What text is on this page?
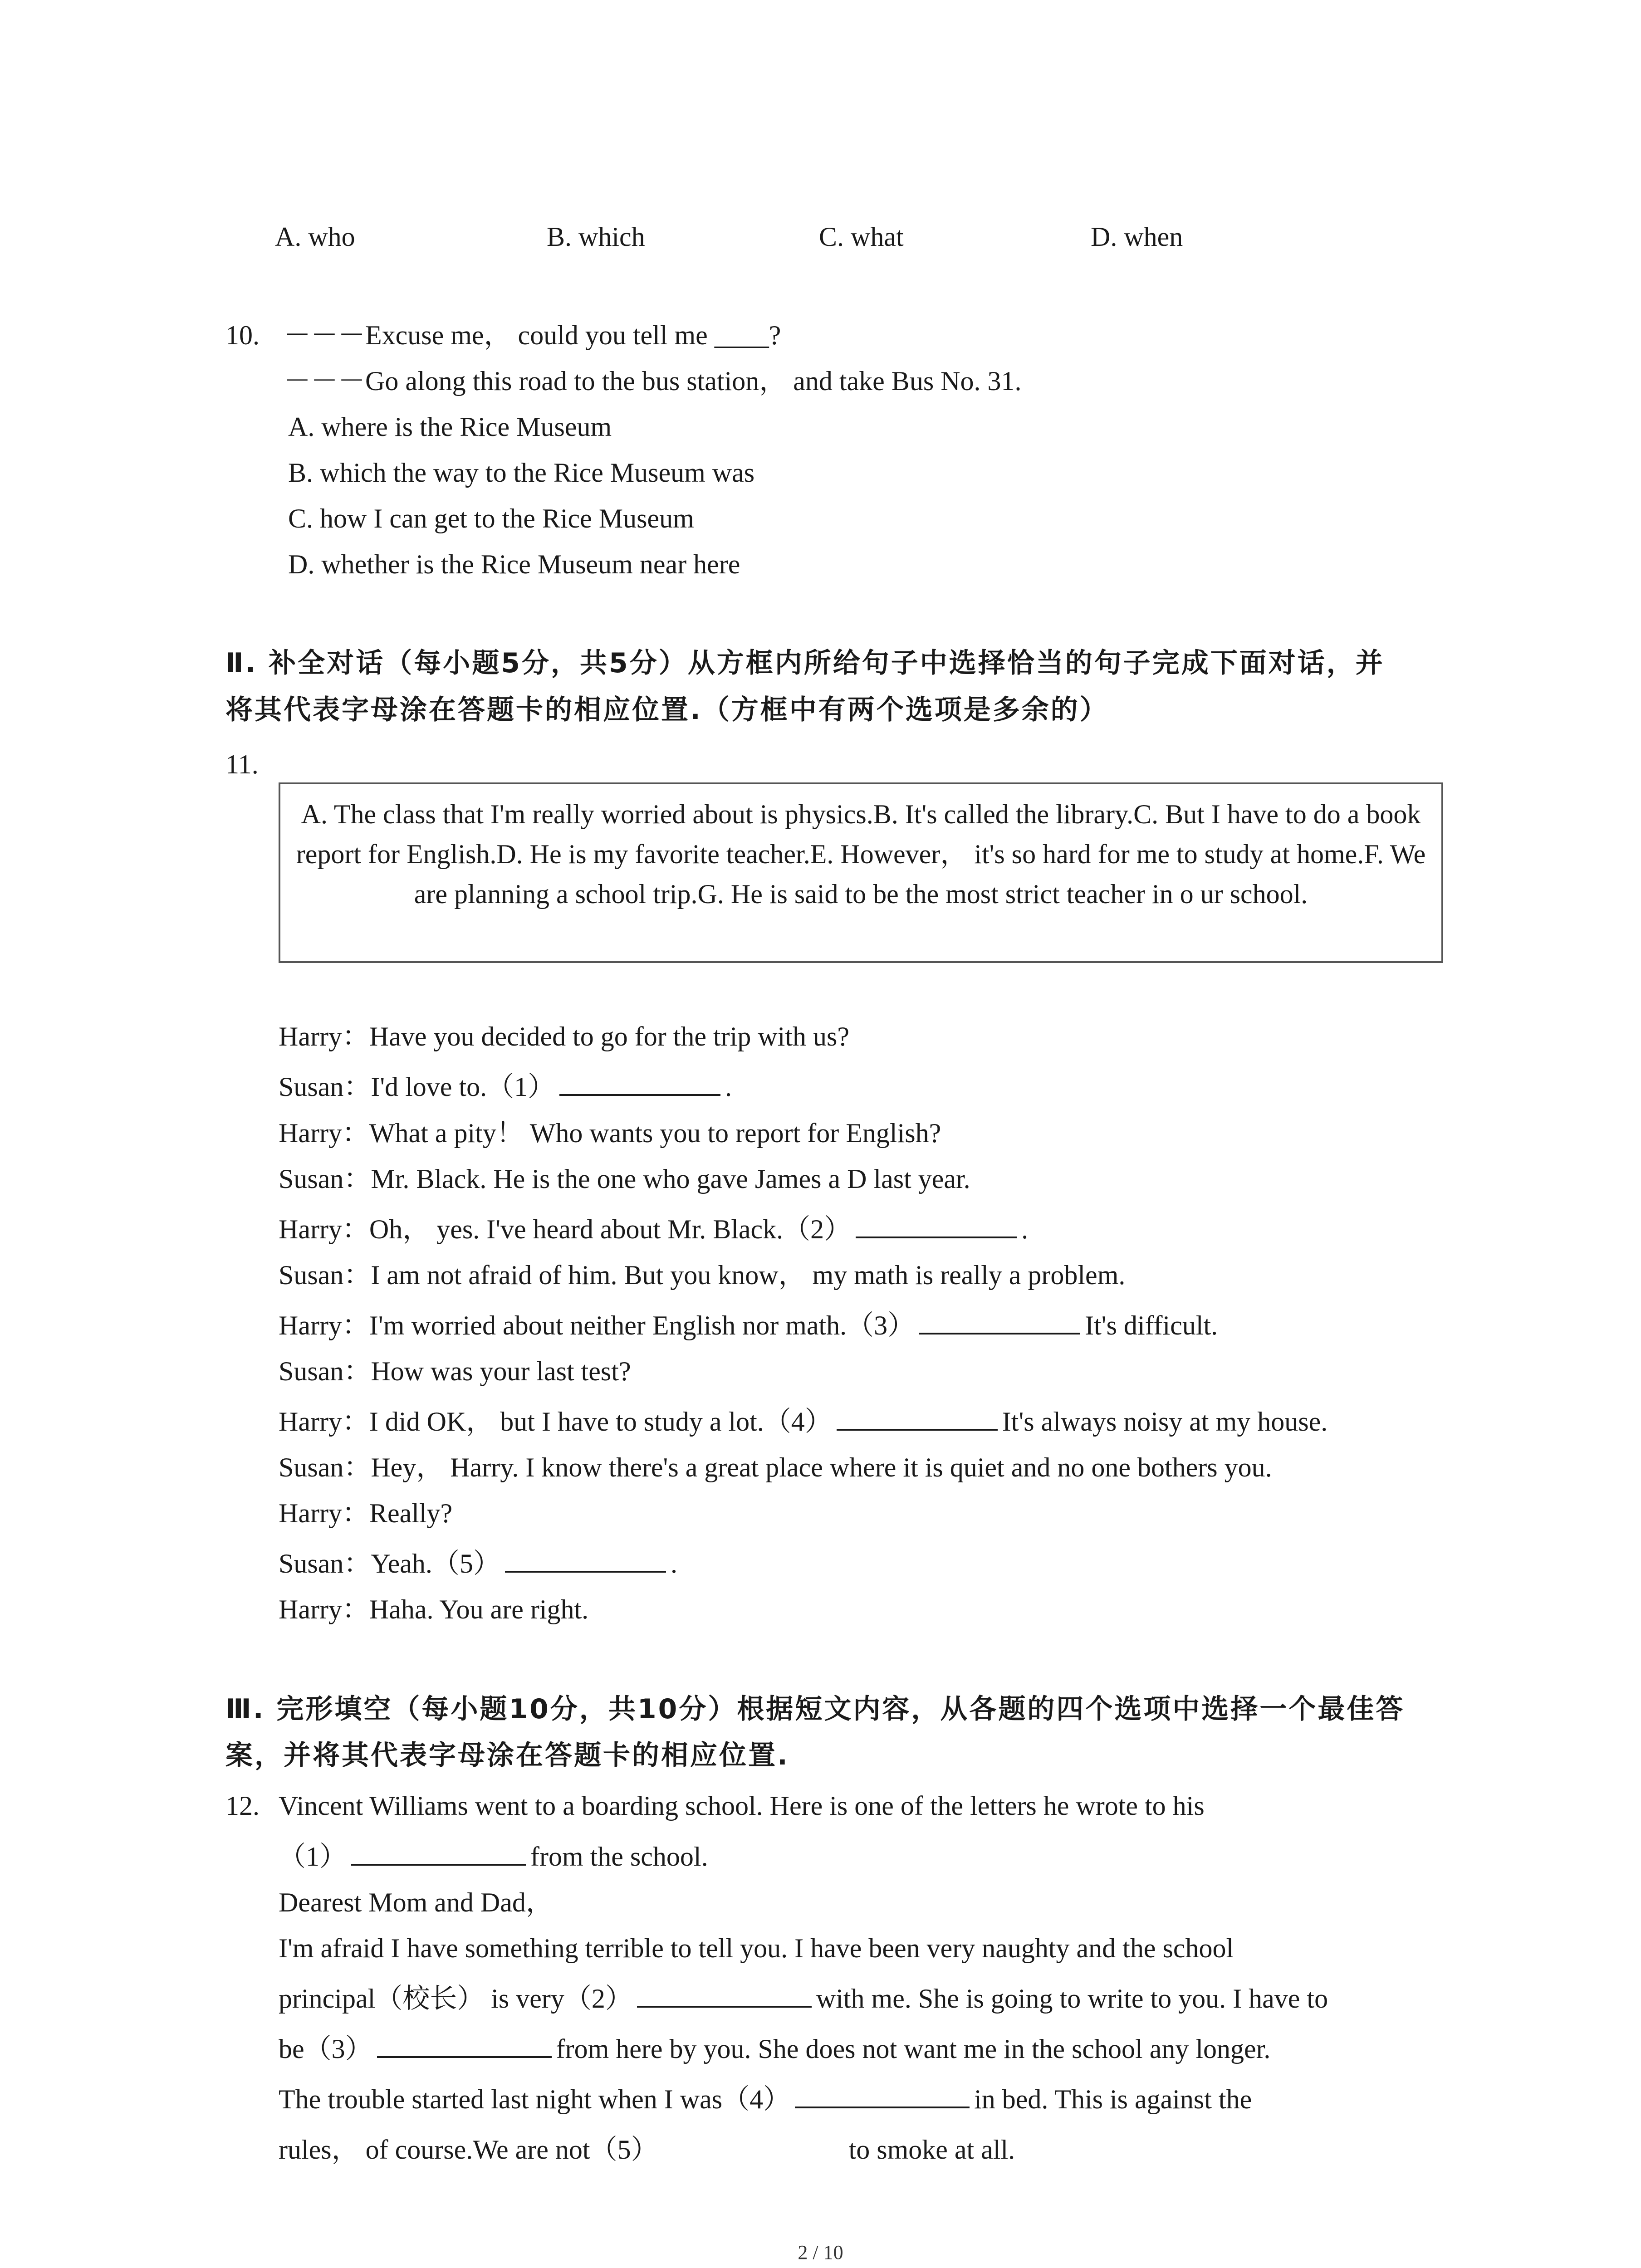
A. who	B. which	C. what	D. when
10. －－－Excuse me， could you tell me ____?
－－－Go along this road to the bus station， and take Bus No. 31.
A. where is the Rice Museum
B. which the way to the Rice Museum was
C. how I can get to the Rice Museum
D. whether is the Rice Museum near here
Ⅱ. 补全对话（每小题5分，共5分）从方框内所给句子中选择恰当的句子完成下面对话，并
将其代表字母涂在答题卡的相应位置.（方框中有两个选项是多余的）
11.
A. The class that I'm really worried about is physics.B. It's called the library.C. But I have to do a book report for English.D. He is my favorite teacher.E. However， it's so hard for me to study at home.F. We are planning a school trip.G. He is said to be the most strict teacher in o ur school.
Harry：Have you decided to go for the trip with us?
Susan：I'd love to.（1）	.
Harry：What a pity！ Who wants you to report for English?
Susan：Mr. Black. He is the one who gave James a D last year.
Harry：Oh， yes. I've heard about Mr. Black.（2）	.
Susan：I am not afraid of him. But you know， my math is really a problem.
Harry：I'm worried about neither English nor math.（3）	It's difficult.
Susan：How was your last test?
Harry：I did OK， but I have to study a lot.（4）	It's always noisy at my house.
Susan：Hey， Harry. I know there's a great place where it is quiet and no one bothers you.
Harry：Really?
Susan：Yeah.（5）	.
Harry：Haha. You are right.
Ⅲ. 完形填空（每小题10分，共10分）根据短文内容，从各题的四个选项中选择一个最佳答
案，并将其代表字母涂在答题卡的相应位置.
12. Vincent Williams went to a boarding school. Here is one of the letters he wrote to his
（1）	from the school.
Dearest Mom and Dad，
I'm afraid I have something terrible to tell you. I have been very naughty and the school
principal（校长） is very（2）	with me. She is going to write to you. I have to
be（3）	from here by you. She does not want me in the school any longer.
The trouble started last night when I was（4）	in bed. This is against the
rules， of course.We are not（5）	to smoke at all.
2 / 10
